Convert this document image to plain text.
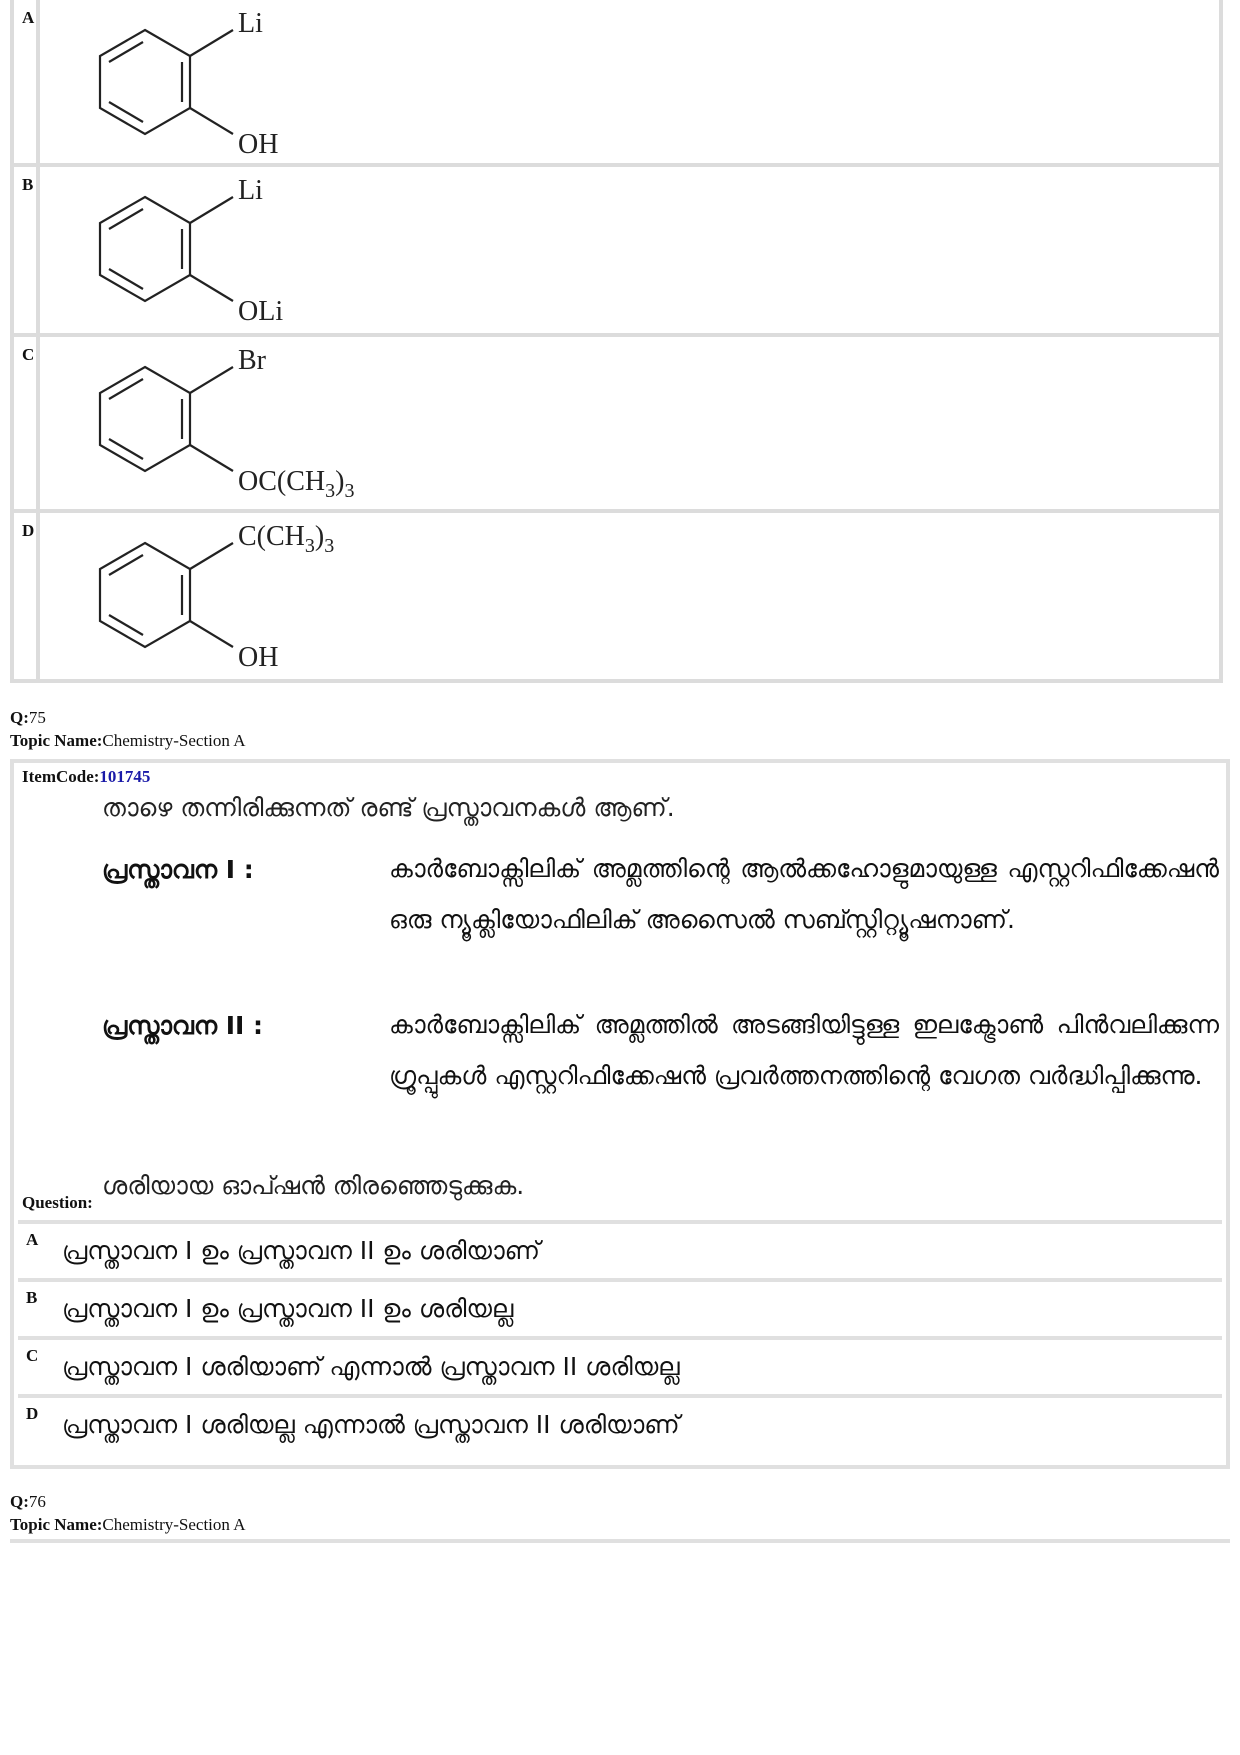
A	Li
OH
B	Li
OLi
C	Br
$OC(CH_3)_3$
D	$C(CH_3)_3$
OH
Q:75
Topic Name:Chemistry-Section A
ItemCode:101745
താഴെ തന്നിരിക്കുന്നത് രണ്ട് പ്രസ്താവനകൾ ആണ്.
പ്രസ്താവന I :	കാർബോക്സിലിക് അമ്ലത്തിന്റെ ആൽക്കഹോളുമായുള്ള എസ്റ്ററിഫിക്കേഷൻ ഒരു ന്യൂക്ലിയോഫിലിക് അസൈൽ സബ്സ്റ്റിറ്റ്യൂഷനാണ്.
പ്രസ്താവന II :	കാർബോക്സിലിക് അമ്ലത്തിൽ അടങ്ങിയിട്ടുള്ള ഇലക്ട്രോൺ പിൻവലിക്കുന്ന ഗ്രൂപ്പുകൾ എസ്റ്ററിഫിക്കേഷൻ പ്രവർത്തനത്തിന്റെ വേഗത വർദ്ധിപ്പിക്കുന്നു.
Question:
ശരിയായ ഓപ്ഷൻ തിരഞ്ഞെടുക്കുക.
A പ്രസ്താവന I ഉം പ്രസ്താവന II ഉം ശരിയാണ്
B പ്രസ്താവന I ഉം പ്രസ്താവന II ഉം ശരിയല്ല
C പ്രസ്താവന I ശരിയാണ് എന്നാൽ പ്രസ്താവന II ശരിയല്ല
D പ്രസ്താവന I ശരിയല്ല എന്നാൽ പ്രസ്താവന II ശരിയാണ്
Q:76
Topic Name:Chemistry-Section A
